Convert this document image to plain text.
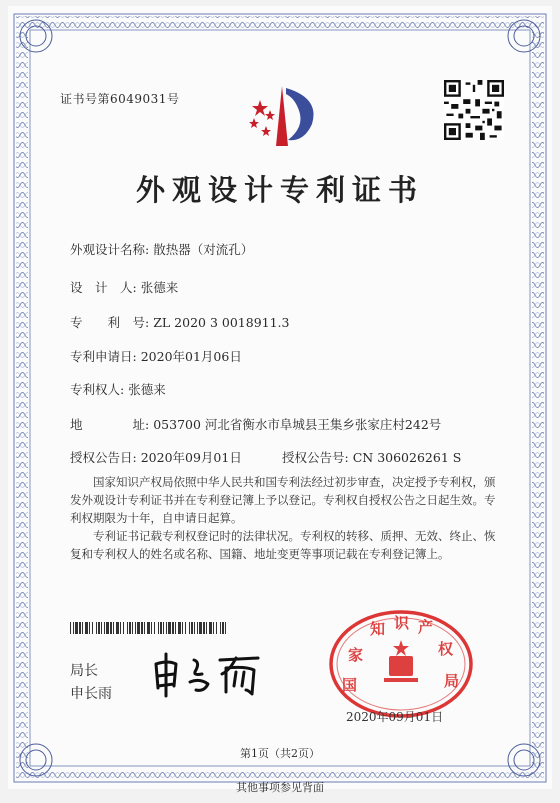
证书号第6049031号
外观设计专利证书
外观设计名称: 散热器（对流孔）
设　计　人: 张德来
专　　利　号: ZL 2020 3 0018911.3
专利申请日: 2020年01月06日
专利权人: 张德来
地　　　　址: 053700 河北省衡水市阜城县王集乡张家庄村242号
授权公告日: 2020年09月01日	授权公告号: CN 306026261 S
国家知识产权局依照中华人民共和国专利法经过初步审查，决定授予专利权，颁发外观设计专利证书并在专利登记簿上予以登记。专利权自授权公告之日起生效。专利权期限为十年，自申请日起算。
专利证书记载专利权登记时的法律状况。专利权的转移、质押、无效、终止、恢复和专利权人的姓名或名称、国籍、地址变更等事项记载在专利登记簿上。
局长
申长雨	国
家
知 识 产
权
局
2020年09月01日
第1页（共2页）
其他事项参见背面
